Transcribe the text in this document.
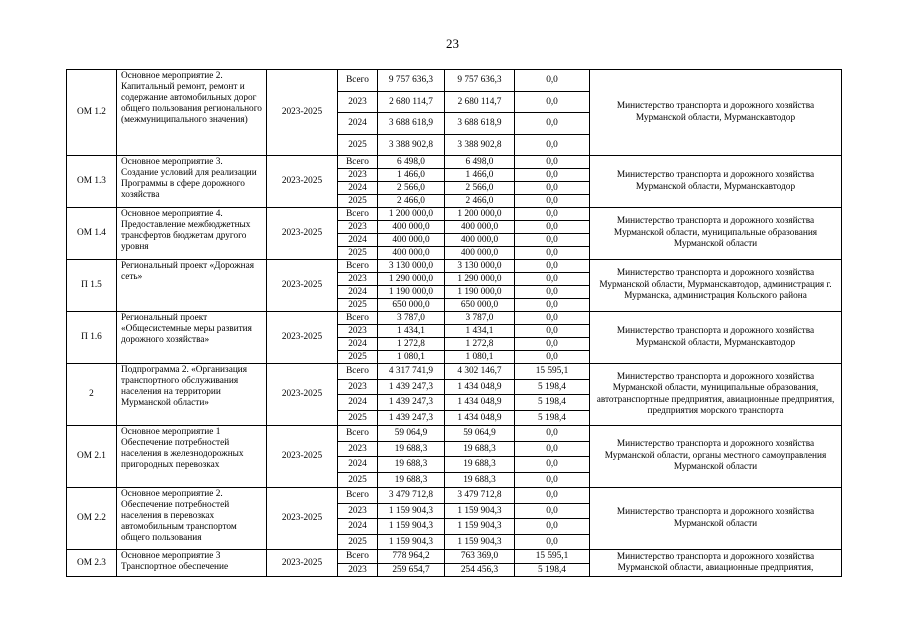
23
ОМ 1.2	Основное мероприятие 2. Капитальный ремонт, ремонт и содержание автомобильных дорог общего пользования регионального (межмуниципального значения)	2023-2025	Всего	9 757 636,3	9 757 636,3	0,0	Министерство транспорта и дорожного хозяйства Мурманской области, Мурманскавтодор
			2023	2 680 114,7	2 680 114,7	0,0	
			2024	3 688 618,9	3 688 618,9	0,0	
			2025	3 388 902,8	3 388 902,8	0,0	
ОМ 1.3	Основное мероприятие 3. Создание условий для реализации Программы в сфере дорожного хозяйства	2023-2025	Всего	6 498,0	6 498,0	0,0	Министерство транспорта и дорожного хозяйства Мурманской области, Мурманскавтодор
			2023	1 466,0	1 466,0	0,0	
			2024	2 566,0	2 566,0	0,0	
			2025	2 466,0	2 466,0	0,0	
ОМ 1.4	Основное мероприятие 4. Предоставление межбюджетных трансфертов бюджетам другого уровня	2023-2025	Всего	1 200 000,0	1 200 000,0	0,0	Министерство транспорта и дорожного хозяйства Мурманской области, муниципальные образования Мурманской области
			2023	400 000,0	400 000,0	0,0	
			2024	400 000,0	400 000,0	0,0	
			2025	400 000,0	400 000,0	0,0	
П 1.5	Региональный проект «Дорожная сеть»	2023-2025	Всего	3 130 000,0	3 130 000,0	0,0	Министерство транспорта и дорожного хозяйства Мурманской области, Мурманскавтодор, администрация г. Мурманска, администрация Кольского района
			2023	1 290 000,0	1 290 000,0	0,0	
			2024	1 190 000,0	1 190 000,0	0,0	
			2025	650 000,0	650 000,0	0,0	
П 1.6	Региональный проект «Общесистемные меры развития дорожного хозяйства»	2023-2025	Всего	3 787,0	3 787,0	0,0	Министерство транспорта и дорожного хозяйства Мурманской области, Мурманскавтодор
			2023	1 434,1	1 434,1	0,0	
			2024	1 272,8	1 272,8	0,0	
			2025	1 080,1	1 080,1	0,0	
2	Подпрограмма 2. «Организация транспортного обслуживания населения на территории Мурманской области»	2023-2025	Всего	4 317 741,9	4 302 146,7	15 595,1	Министерство транспорта и дорожного хозяйства Мурманской области, муниципальные образования, автотранспортные предприятия, авиационные предприятия, предприятия морского транспорта
			2023	1 439 247,3	1 434 048,9	5 198,4	
			2024	1 439 247,3	1 434 048,9	5 198,4	
			2025	1 439 247,3	1 434 048,9	5 198,4	
ОМ 2.1	Основное мероприятие 1 Обеспечение потребностей населения в железнодорожных пригородных перевозках	2023-2025	Всего	59 064,9	59 064,9	0,0	Министерство транспорта и дорожного хозяйства Мурманской области, органы местного самоуправления Мурманской области
			2023	19 688,3	19 688,3	0,0	
			2024	19 688,3	19 688,3	0,0	
			2025	19 688,3	19 688,3	0,0	
ОМ 2.2	Основное мероприятие 2. Обеспечение потребностей населения в перевозках автомобильным транспортом общего пользования	2023-2025	Всего	3 479 712,8	3 479 712,8	0,0	Министерство транспорта и дорожного хозяйства Мурманской области
			2023	1 159 904,3	1 159 904,3	0,0	
			2024	1 159 904,3	1 159 904,3	0,0	
			2025	1 159 904,3	1 159 904,3	0,0	
ОМ 2.3	Основное мероприятие 3 Транспортное обеспечение	2023-2025	Всего	778 964,2	763 369,0	15 595,1	Министерство транспорта и дорожного хозяйства Мурманской области, авиационные предприятия,
			2023	259 654,7	254 456,3	5 198,4	
